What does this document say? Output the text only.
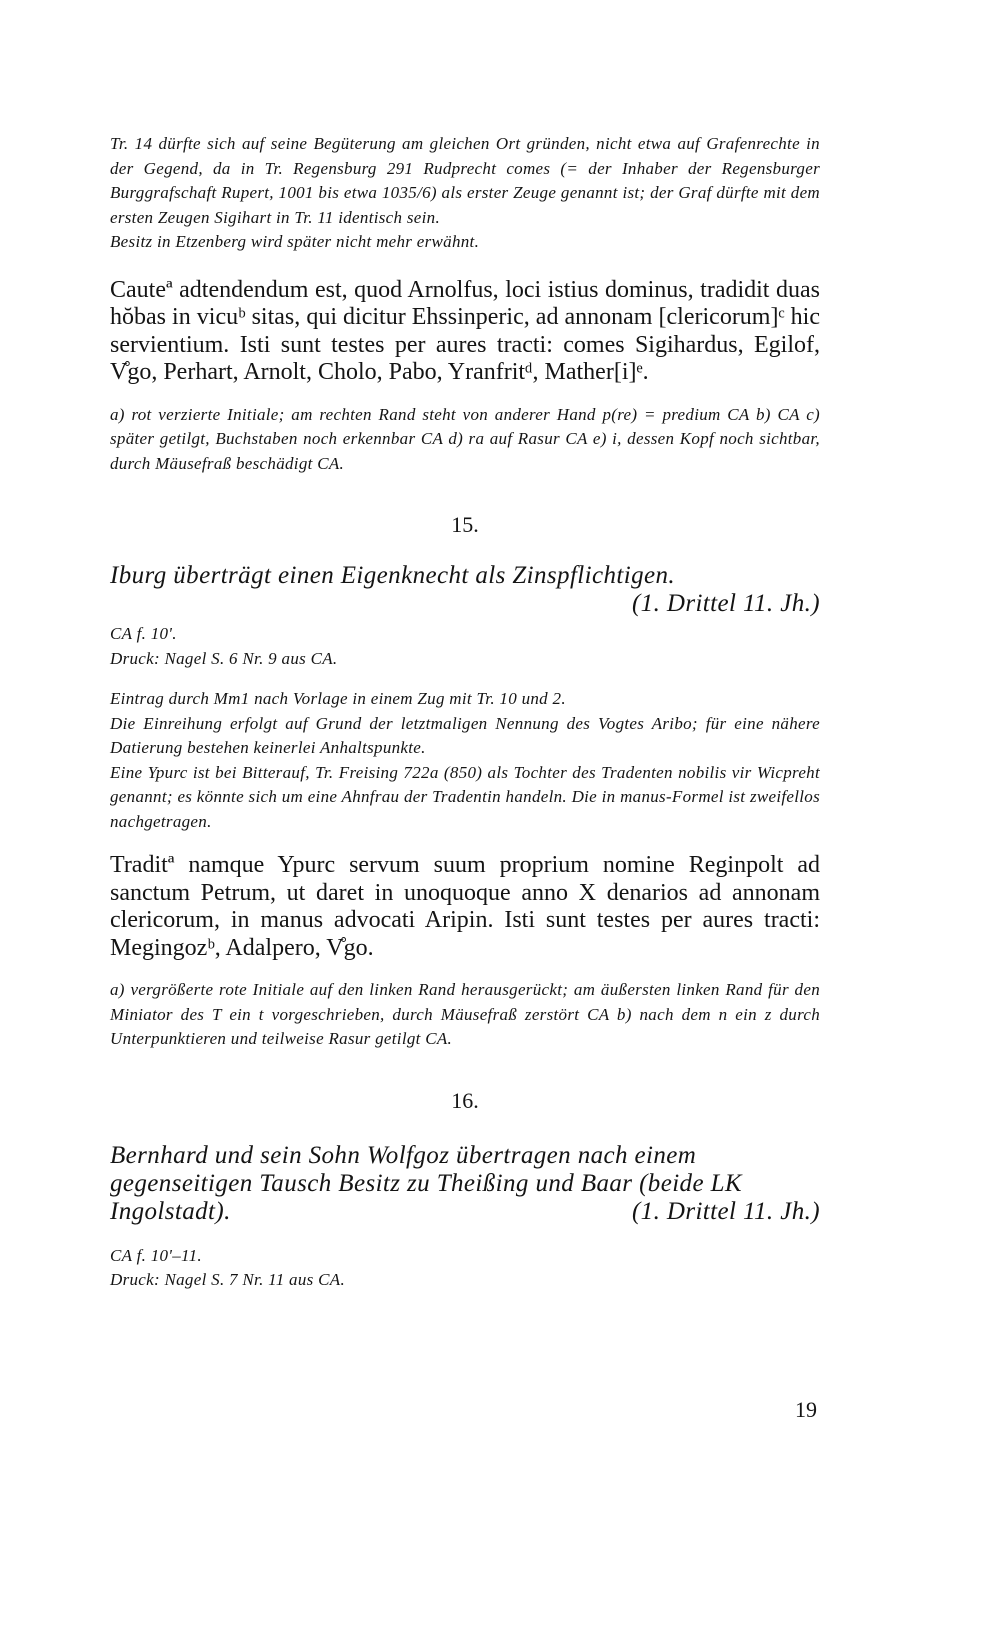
Tr. 14 dürfte sich auf seine Begüterung am gleichen Ort gründen, nicht etwa auf Grafenrechte in der Gegend, da in Tr. Regensburg 291 Rudprecht comes (= der Inhaber der Regensburger Burggrafschaft Rupert, 1001 bis etwa 1035/6) als erster Zeuge genannt ist; der Graf dürfte mit dem ersten Zeugen Sigihart in Tr. 11 identisch sein.

Besitz in Etzenberg wird später nicht mehr erwähnt.

Cauteª adtendendum est, quod Arnolfus, loci istius dominus, tradidit duas hŏbas in vicuᵇ sitas, qui dicitur Ehssinperic, ad annonam [clericorum]ᶜ hic servientium. Isti sunt testes per aures tracti: comes Sigihardus, Egilof, V̊go, Perhart, Arnolt, Cholo, Pabo, Yranfritᵈ, Mather[i]ᵉ.

a) rot verzierte Initiale; am rechten Rand steht von anderer Hand p(re) = predium CA b) CA c) später getilgt, Buchstaben noch erkennbar CA d) ra auf Rasur CA e) i, dessen Kopf noch sichtbar, durch Mäusefraß beschädigt CA.

15.
Iburg überträgt einen Eigenknecht als Zinspflichtigen.
(1. Drittel 11. Jh.)
CA f. 10'.
Druck: Nagel S. 6 Nr. 9 aus CA.

Eintrag durch Mm1 nach Vorlage in einem Zug mit Tr. 10 und 2.

Die Einreihung erfolgt auf Grund der letztmaligen Nennung des Vogtes Aribo; für eine nähere Datierung bestehen keinerlei Anhaltspunkte.

Eine Ypurc ist bei Bitterauf, Tr. Freising 722a (850) als Tochter des Tradenten nobilis vir Wicpreht genannt; es könnte sich um eine Ahnfrau der Tradentin handeln. Die in manus-Formel ist zweifellos nachgetragen.

Traditª namque Ypurc servum suum proprium nomine Reginpolt ad sanctum Petrum, ut daret in unoquoque anno X denarios ad annonam clericorum, in manus advocati Aripin. Isti sunt testes per aures tracti: Megingozᵇ, Adalpero, V̊go.

a) vergrößerte rote Initiale auf den linken Rand herausgerückt; am äußersten linken Rand für den Miniator des T ein t vorgeschrieben, durch Mäusefraß zerstört CA b) nach dem n ein z durch Unterpunktieren und teilweise Rasur getilgt CA.

16.
Bernhard und sein Sohn Wolfgoz übertragen nach einem gegenseitigen Tausch Besitz zu Theißing und Baar (beide LK Ingolstadt).	(1. Drittel 11. Jh.)
CA f. 10'–11.
Druck: Nagel S. 7 Nr. 11 aus CA.
19
